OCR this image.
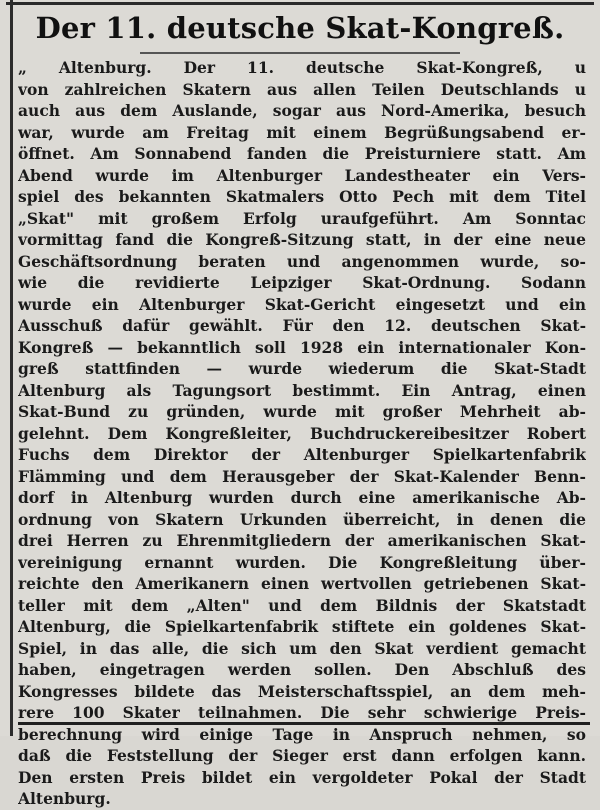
Der 11. deutsche Skat-Kongreß.
„ Altenburg. Der 11. deutsche Skat-Kongreß, u
von zahlreichen Skatern aus allen Teilen Deutschlands u
auch aus dem Auslande, sogar aus Nord-Amerika, besuch
war, wurde am Freitag mit einem Begrüßungsabend er-
öffnet. Am Sonnabend fanden die Preisturniere statt. Am
Abend wurde im Altenburger Landestheater ein Vers-
spiel des bekannten Skatmalers Otto Pech mit dem Titel
„Skat" mit großem Erfolg uraufgeführt. Am Sonntac
vormittag fand die Kongreß-Sitzung statt, in der eine neue
Geschäftsordnung beraten und angenommen wurde, so-
wie die revidierte Leipziger Skat-Ordnung. Sodann
wurde ein Altenburger Skat-Gericht eingesetzt und ein
Ausschuß dafür gewählt. Für den 12. deutschen Skat-
Kongreß — bekanntlich soll 1928 ein internationaler Kon-
greß stattfinden — wurde wiederum die Skat-Stadt
Altenburg als Tagungsort bestimmt. Ein Antrag, einen
Skat-Bund zu gründen, wurde mit großer Mehrheit ab-
gelehnt. Dem Kongreßleiter, Buchdruckereibesitzer Robert
Fuchs dem Direktor der Altenburger Spielkartenfabrik
Flämming und dem Herausgeber der Skat-Kalender Benn-
dorf in Altenburg wurden durch eine amerikanische Ab-
ordnung von Skatern Urkunden überreicht, in denen die
drei Herren zu Ehrenmitgliedern der amerikanischen Skat-
vereinigung ernannt wurden. Die Kongreßleitung über-
reichte den Amerikanern einen wertvollen getriebenen Skat-
teller mit dem „Alten" und dem Bildnis der Skatstadt
Altenburg, die Spielkartenfabrik stiftete ein goldenes Skat-
Spiel, in das alle, die sich um den Skat verdient gemacht
haben, eingetragen werden sollen. Den Abschluß des
Kongresses bildete das Meisterschaftsspiel, an dem meh-
rere 100 Skater teilnahmen. Die sehr schwierige Preis-
berechnung wird einige Tage in Anspruch nehmen, so
daß die Feststellung der Sieger erst dann erfolgen kann.
Den ersten Preis bildet ein vergoldeter Pokal der Stadt
Altenburg.
